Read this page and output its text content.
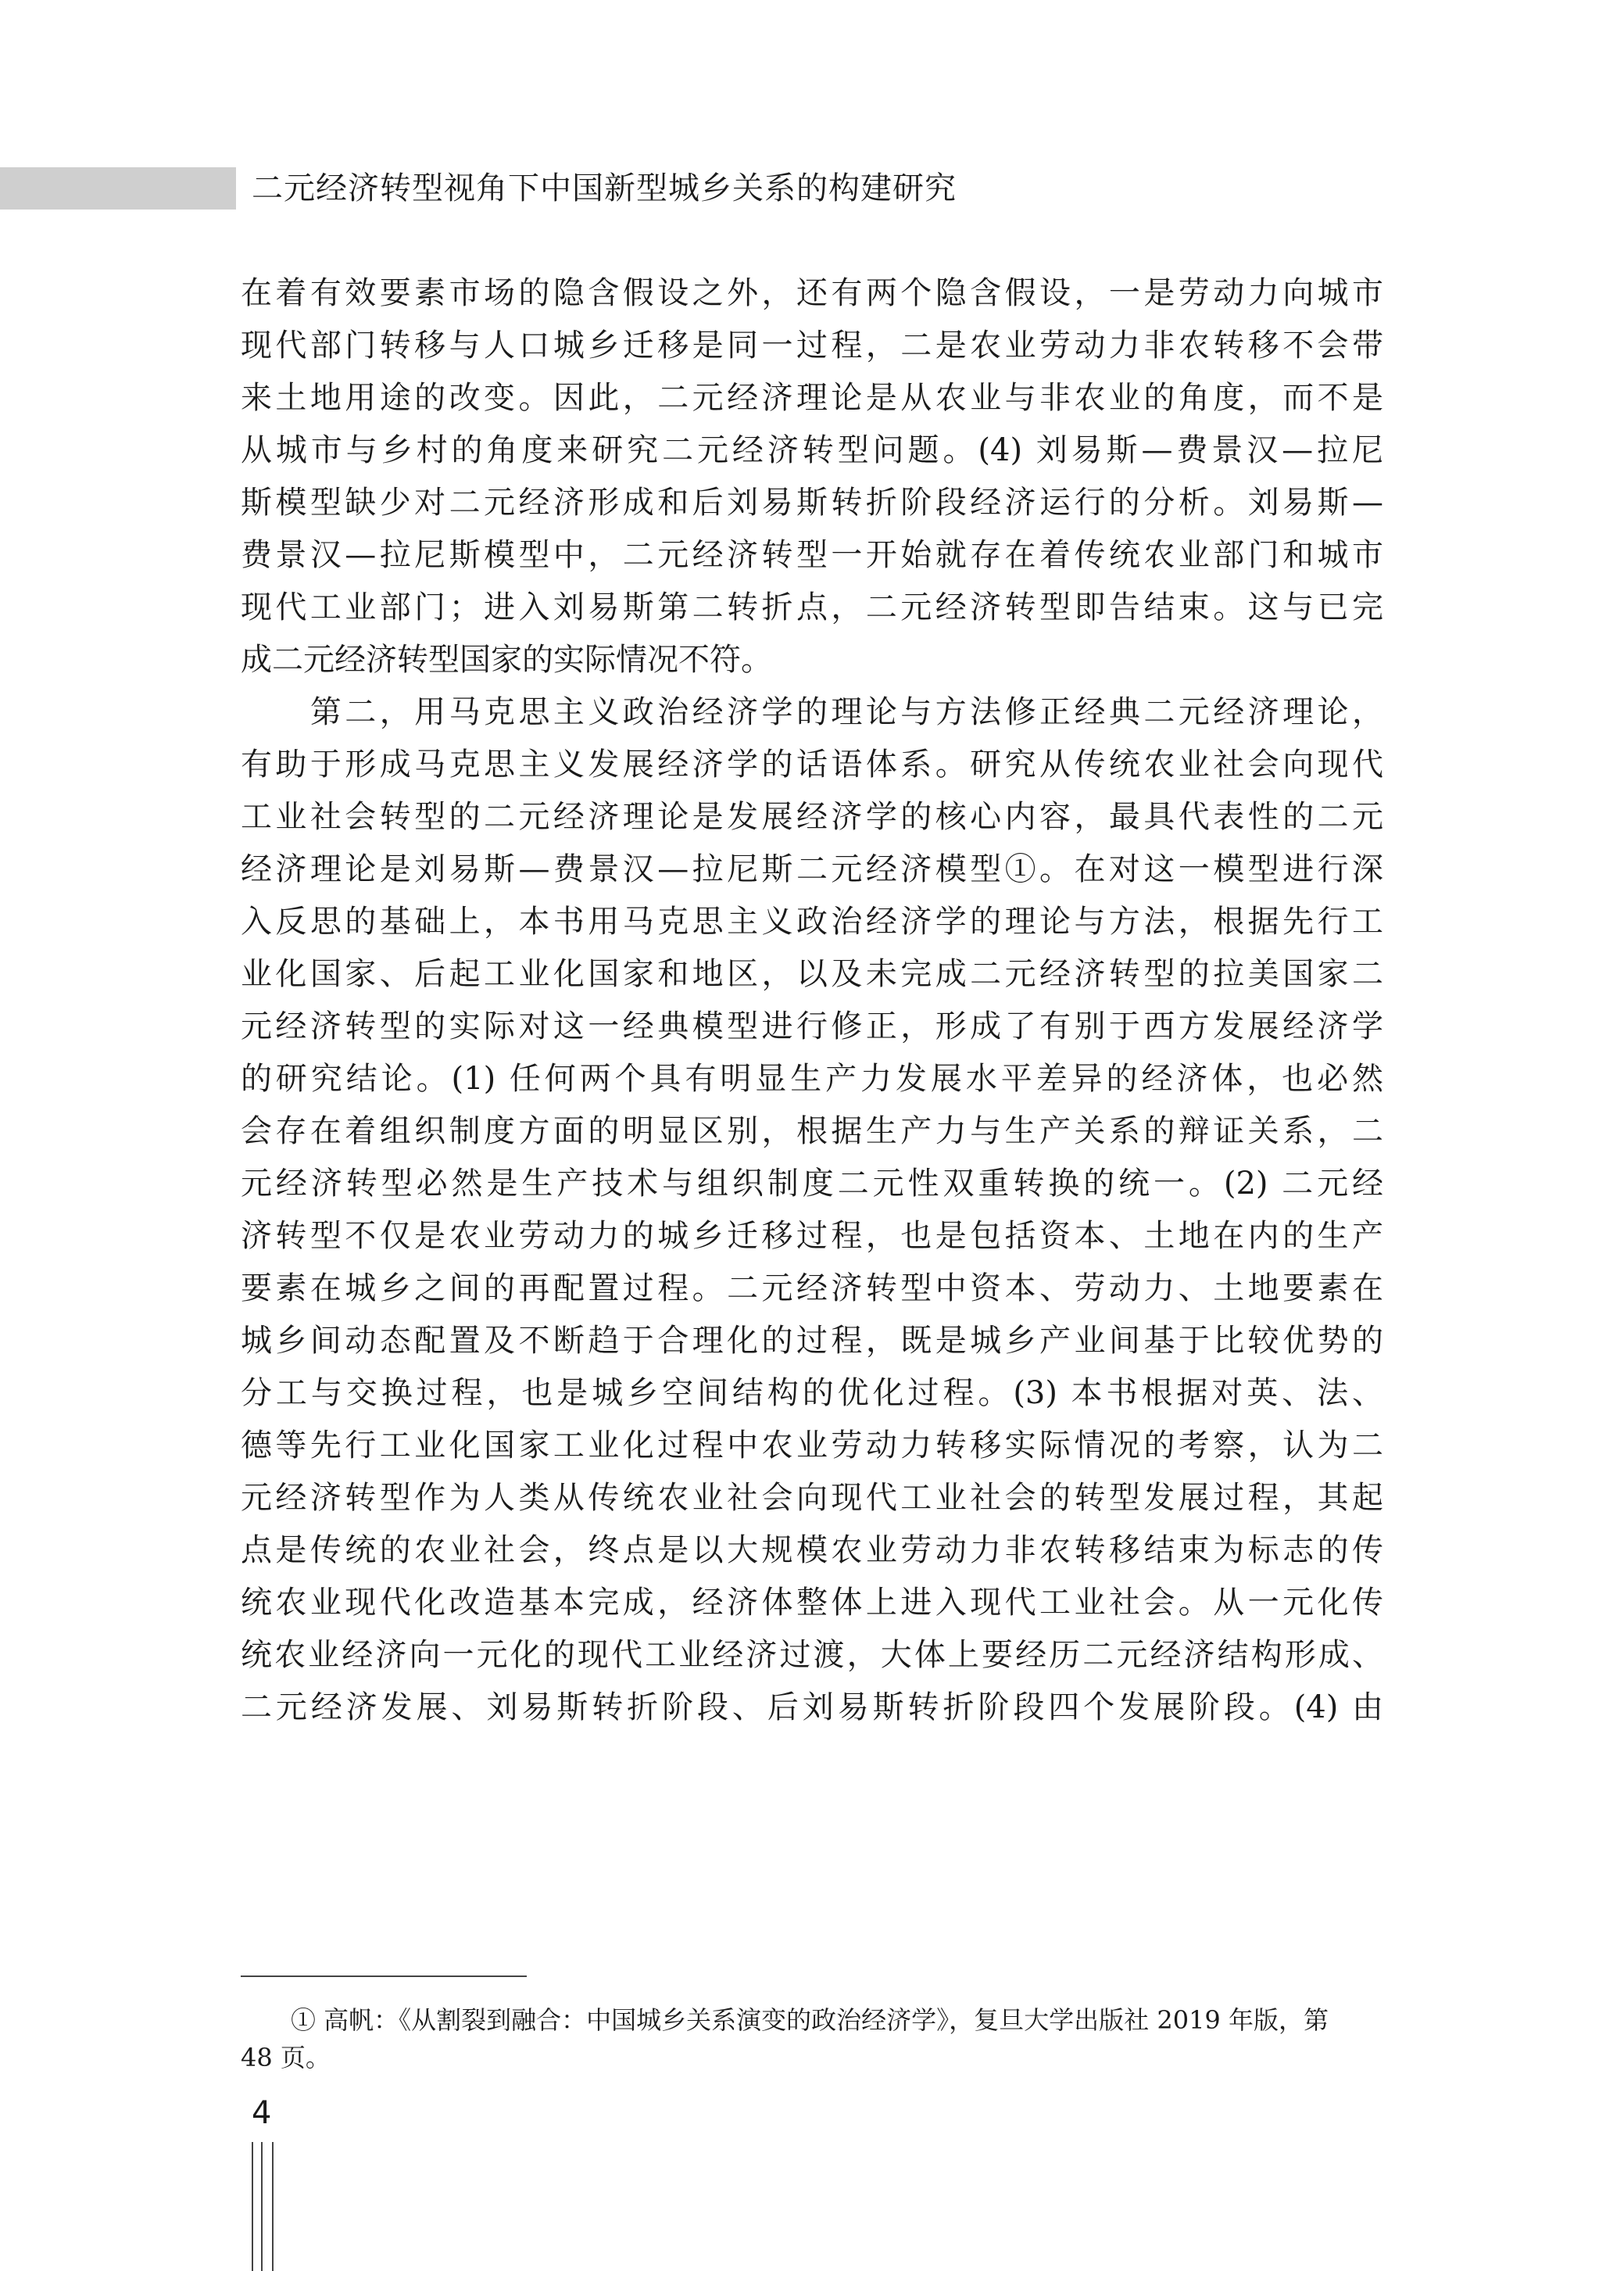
二元经济转型视角下中国新型城乡关系的构建研究
在着有效要素市场的隐含假设之外，还有两个隐含假设，一是劳动力向城市
现代部门转移与人口城乡迁移是同一过程，二是农业劳动力非农转移不会带
来土地用途的改变。因此，二元经济理论是从农业与非农业的角度，而不是
从城市与乡村的角度来研究二元经济转型问题。(4) 刘易斯—费景汉—拉尼
斯模型缺少对二元经济形成和后刘易斯转折阶段经济运行的分析。刘易斯—
费景汉—拉尼斯模型中，二元经济转型一开始就存在着传统农业部门和城市
现代工业部门；进入刘易斯第二转折点，二元经济转型即告结束。这与已完
成二元经济转型国家的实际情况不符。
　　第二，用马克思主义政治经济学的理论与方法修正经典二元经济理论，
有助于形成马克思主义发展经济学的话语体系。研究从传统农业社会向现代
工业社会转型的二元经济理论是发展经济学的核心内容，最具代表性的二元
经济理论是刘易斯—费景汉—拉尼斯二元经济模型①。在对这一模型进行深
入反思的基础上，本书用马克思主义政治经济学的理论与方法，根据先行工
业化国家、后起工业化国家和地区，以及未完成二元经济转型的拉美国家二
元经济转型的实际对这一经典模型进行修正，形成了有别于西方发展经济学
的研究结论。(1) 任何两个具有明显生产力发展水平差异的经济体，也必然
会存在着组织制度方面的明显区别，根据生产力与生产关系的辩证关系，二
元经济转型必然是生产技术与组织制度二元性双重转换的统一。(2) 二元经
济转型不仅是农业劳动力的城乡迁移过程，也是包括资本、土地在内的生产
要素在城乡之间的再配置过程。二元经济转型中资本、劳动力、土地要素在
城乡间动态配置及不断趋于合理化的过程，既是城乡产业间基于比较优势的
分工与交换过程，也是城乡空间结构的优化过程。(3) 本书根据对英、法、
德等先行工业化国家工业化过程中农业劳动力转移实际情况的考察，认为二
元经济转型作为人类从传统农业社会向现代工业社会的转型发展过程，其起
点是传统的农业社会，终点是以大规模农业劳动力非农转移结束为标志的传
统农业现代化改造基本完成，经济体整体上进入现代工业社会。从一元化传
统农业经济向一元化的现代工业经济过渡，大体上要经历二元经济结构形成、
二元经济发展、刘易斯转折阶段、后刘易斯转折阶段四个发展阶段。(4) 由
① 高帆：《从割裂到融合：中国城乡关系演变的政治经济学》，复旦大学出版社 2019 年版，第
48 页。
4
